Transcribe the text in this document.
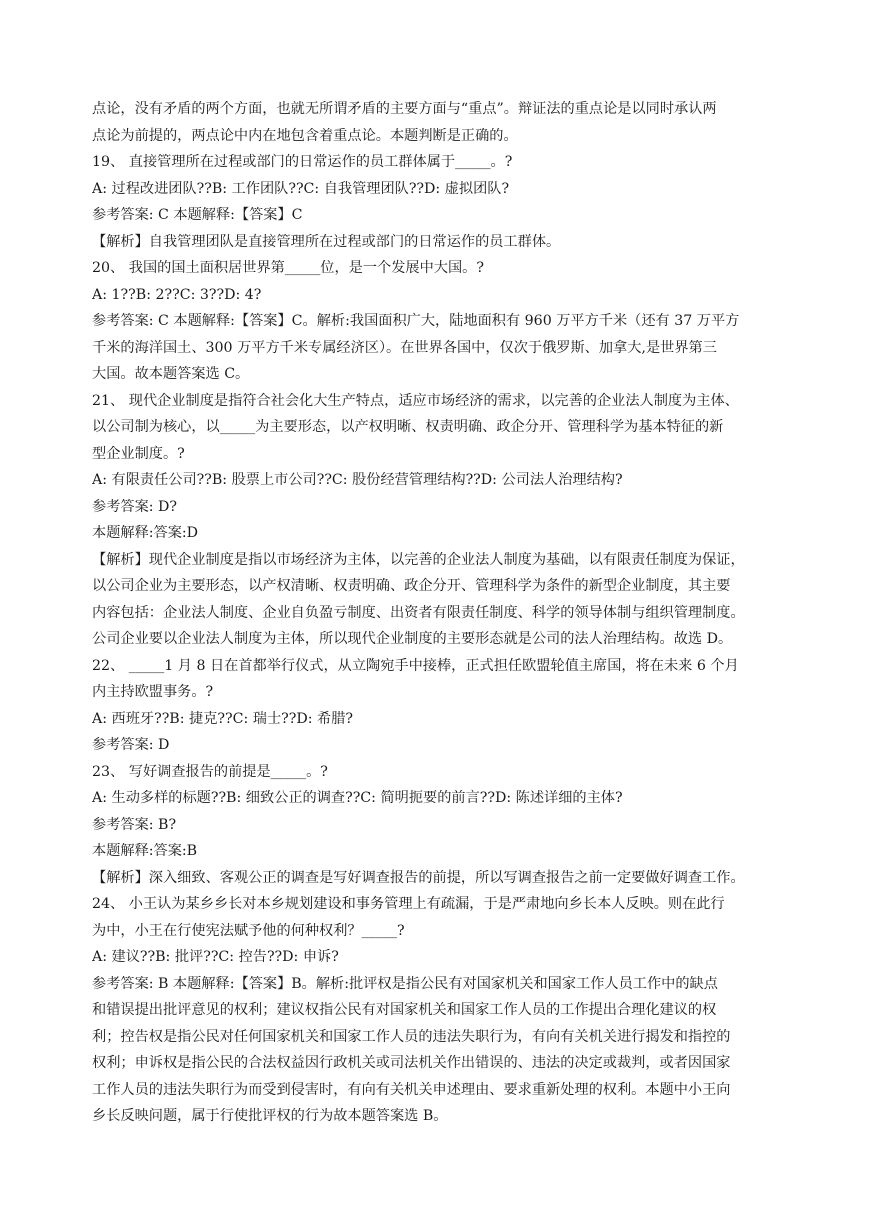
点论，没有矛盾的两个方面，也就无所谓矛盾的主要方面与“重点”。辩证法的重点论是以同时承认两

点论为前提的，两点论中内在地包含着重点论。本题判断是正确的。

19、 直接管理所在过程或部门的日常运作的员工群体属于_____。?

A: 过程改进团队??B: 工作团队??C: 自我管理团队??D: 虚拟团队?

参考答案: C 本题解释:【答案】C

【解析】自我管理团队是直接管理所在过程或部门的日常运作的员工群体。

20、 我国的国土面积居世界第_____位，是一个发展中大国。?

A: 1??B: 2??C: 3??D: 4?

参考答案: C 本题解释:【答案】C。解析:我国面积广大，陆地面积有 960 万平方千米（还有 37 万平方

千米的海洋国土、300 万平方千米专属经济区）。在世界各国中，仅次于俄罗斯、加拿大,是世界第三

大国。故本题答案选 C。

21、 现代企业制度是指符合社会化大生产特点，适应市场经济的需求，以完善的企业法人制度为主体、

以公司制为核心，以_____为主要形态，以产权明晰、权责明确、政企分开、管理科学为基本特征的新

型企业制度。?

A: 有限责任公司??B: 股票上市公司??C: 股份经营管理结构??D: 公司法人治理结构?

参考答案: D?

本题解释:答案:D

【解析】现代企业制度是指以市场经济为主体，以完善的企业法人制度为基础，以有限责任制度为保证，

以公司企业为主要形态，以产权清晰、权责明确、政企分开、管理科学为条件的新型企业制度，其主要

内容包括：企业法人制度、企业自负盈亏制度、出资者有限责任制度、科学的领导体制与组织管理制度。

公司企业要以企业法人制度为主体，所以现代企业制度的主要形态就是公司的法人治理结构。故选 D。

22、 _____1 月 8 日在首都举行仪式，从立陶宛手中接棒，正式担任欧盟轮值主席国，将在未来 6 个月

内主持欧盟事务。?

A: 西班牙??B: 捷克??C: 瑞士??D: 希腊?

参考答案: D

23、 写好调查报告的前提是_____。?

A: 生动多样的标题??B: 细致公正的调查??C: 简明扼要的前言??D: 陈述详细的主体?

参考答案: B?

本题解释:答案:B

【解析】深入细致、客观公正的调查是写好调查报告的前提，所以写调查报告之前一定要做好调查工作。

24、 小王认为某乡乡长对本乡规划建设和事务管理上有疏漏，于是严肃地向乡长本人反映。则在此行

为中，小王在行使宪法赋予他的何种权利？_____?

A: 建议??B: 批评??C: 控告??D: 申诉?

参考答案: B 本题解释:【答案】B。解析:批评权是指公民有对国家机关和国家工作人员工作中的缺点

和错误提出批评意见的权利；建议权指公民有对国家机关和国家工作人员的工作提出合理化建议的权

利；控告权是指公民对任何国家机关和国家工作人员的违法失职行为，有向有关机关进行揭发和指控的

权利；申诉权是指公民的合法权益因行政机关或司法机关作出错误的、违法的决定或裁判，或者因国家

工作人员的违法失职行为而受到侵害时，有向有关机关申述理由、要求重新处理的权利。本题中小王向

乡长反映问题，属于行使批评权的行为故本题答案选 B。
